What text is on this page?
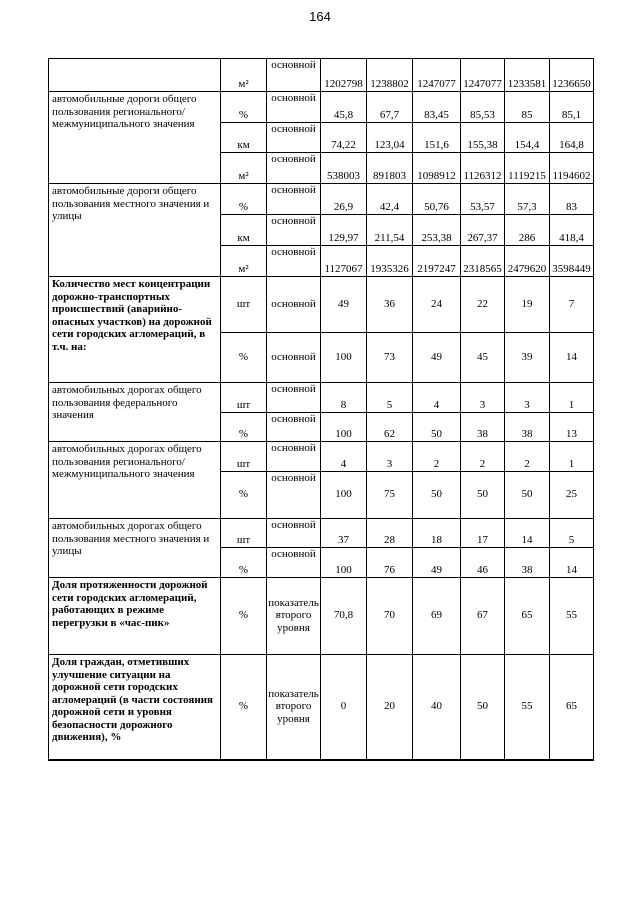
164
	м²	основной	1202798	1238802	1247077	1247077	1233581	1236650
автомобильные дороги общего пользования регионального/ межмуниципального значения	%	основной	45,8	67,7	83,45	85,53	85	85,1
	км	основной	74,22	123,04	151,6	155,38	154,4	164,8
	м²	основной	538003	891803	1098912	1126312	1119215	1194602
автомобильные дороги общего пользования местного значения и улицы	%	основной	26,9	42,4	50,76	53,57	57,3	83
	км	основной	129,97	211,54	253,38	267,37	286	418,4
	м²	основной	1127067	1935326	2197247	2318565	2479620	3598449
Количество мест концентрации дорожно-транспортных происшествий (аварийно-опасных участков) на дорожной сети городских агломераций, в т.ч. на:	шт	основной	49	36	24	22	19	7
	%	основной	100	73	49	45	39	14
автомобильных дорогах общего пользования федерального значения	шт	основной	8	5	4	3	3	1
	%	основной	100	62	50	38	38	13
автомобильных дорогах общего пользования регионального/ межмуниципального значения	шт	основной	4	3	2	2	2	1
	%	основной	100	75	50	50	50	25
автомобильных дорогах общего пользования местного значения и улицы	шт	основной	37	28	18	17	14	5
	%	основной	100	76	49	46	38	14
Доля протяженности дорожной сети городских агломераций, работающих в режиме перегрузки в «час-пик»	%	показатель второго уровня	70,8	70	69	67	65	55
Доля граждан, отметивших улучшение ситуации на дорожной сети городских агломераций (в части состояния дорожной сети и уровня безопасности дорожного движения), %	%	показатель второго уровня	0	20	40	50	55	65
